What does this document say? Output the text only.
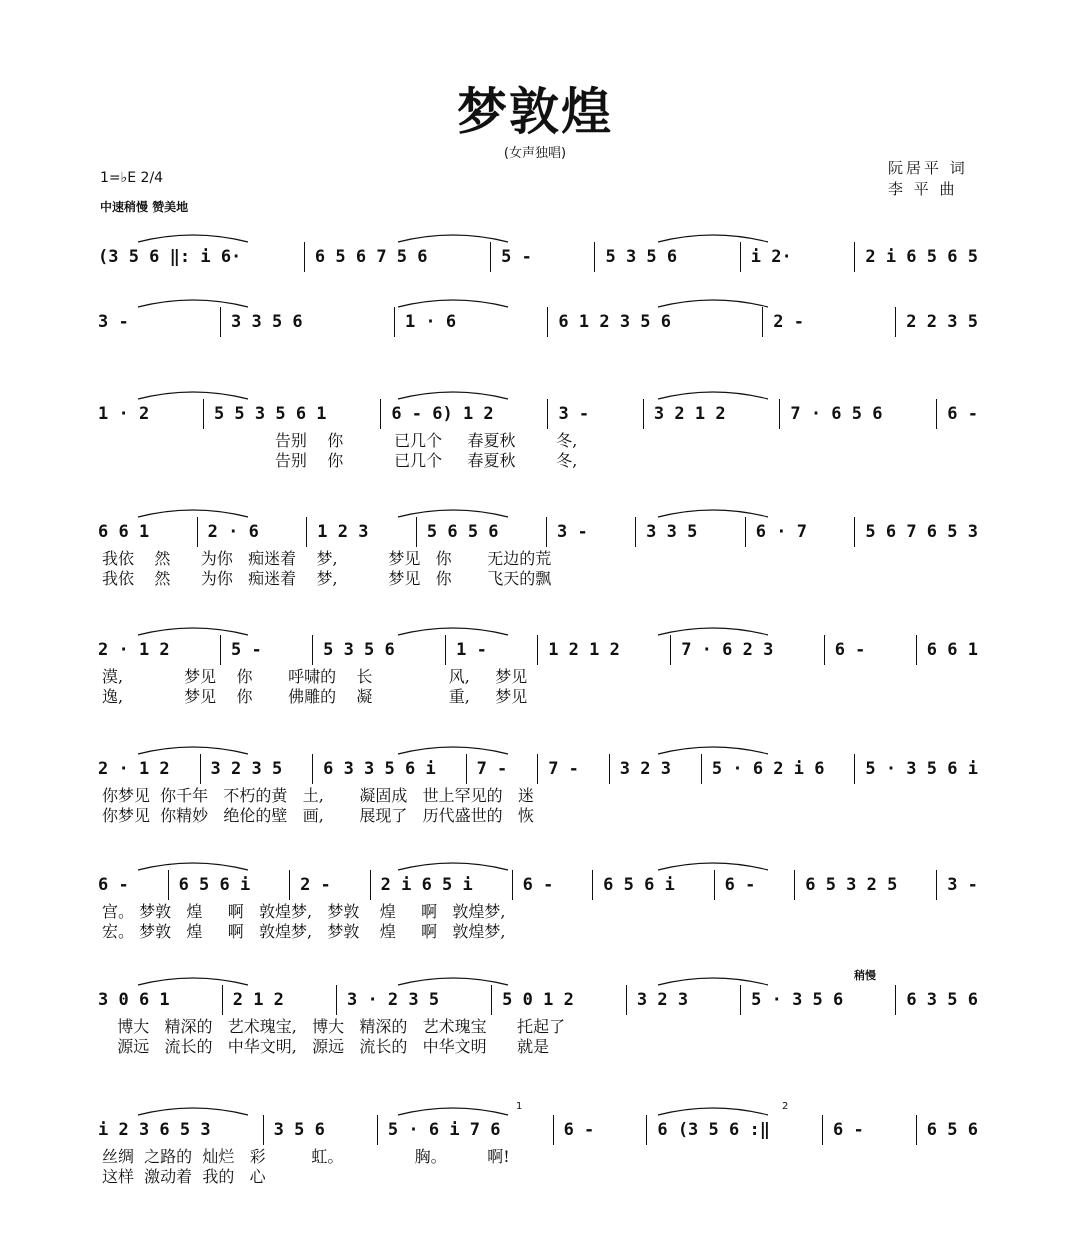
梦敦煌
(女声独唱)
阮居平 词
李 平 曲
1=♭E 2/4
中速稍慢 赞美地
(3 5 6 ‖: i 6·	6 5 6 7 5 6	5 -	5 3 5 6	i 2·	2 i 6 5 6 5
3 -	3 3 5 6	1 · 6	6 1 2 3 5 6	2 -	2 2 3 5
1 · 2	5 5 3 5 6 1	6 - 6) 1 2	3 -	3 2 1 2	7 · 6 5 6	6 -
告别    你          已几个     春夏秋        冬,
告别    你          已几个     春夏秋        冬,
6 6 1	2 · 6	1 2 3	5 6 5 6	3 -	3 3 5	6 · 7	5 6 7 6 5 3
我依    然      为你   痴迷着    梦,          梦见   你       无边的荒
我依    然      为你   痴迷着    梦,          梦见   你       飞天的飘
2 · 1 2	5 -	5 3 5 6	1 -	1 2 1 2	7 · 6 2 3	6 -	6 6 1
漠,            梦见    你       呼啸的    长               风,     梦见
逸,            梦见    你       佛雕的    凝               重,     梦见
2 · 1 2	3 2 3 5	6 3 3 5 6 i	7 -	7 -	3 2 3	5 · 6 2 i 6	5 · 3 5 6 i
你梦见  你千年   不朽的黄   土,       凝固成   世上罕见的   迷
你梦见  你精妙   绝伦的壁   画,       展现了   历代盛世的   恢
6 -	6 5 6 i	2 -	2 i 6 5 i	6 -	6 5 6 i	6 -	6 5 3 2 5	3 -
宫。 梦敦   煌     啊   敦煌梦,   梦敦    煌     啊   敦煌梦,
宏。 梦敦   煌     啊   敦煌梦,   梦敦    煌     啊   敦煌梦,
3 0 6 1	2 1 2	3 · 2 3 5	5 0 1 2	3 2 3	5 · 3 5 6	6 3 5 6
稍慢
博大   精深的   艺术瑰宝,   博大   精深的   艺术瑰宝      托起了
源远   流长的   中华文明,   源远   流长的   中华文明      就是
i 2 3 6 5 3	3 5 6	5 · 6 i 7 6	6 -	6 (3 5 6 :‖	6 -	6 5 6
1	2
丝绸  之路的  灿烂   彩         虹。              胸。        啊!
这样  激动着  我的   心
